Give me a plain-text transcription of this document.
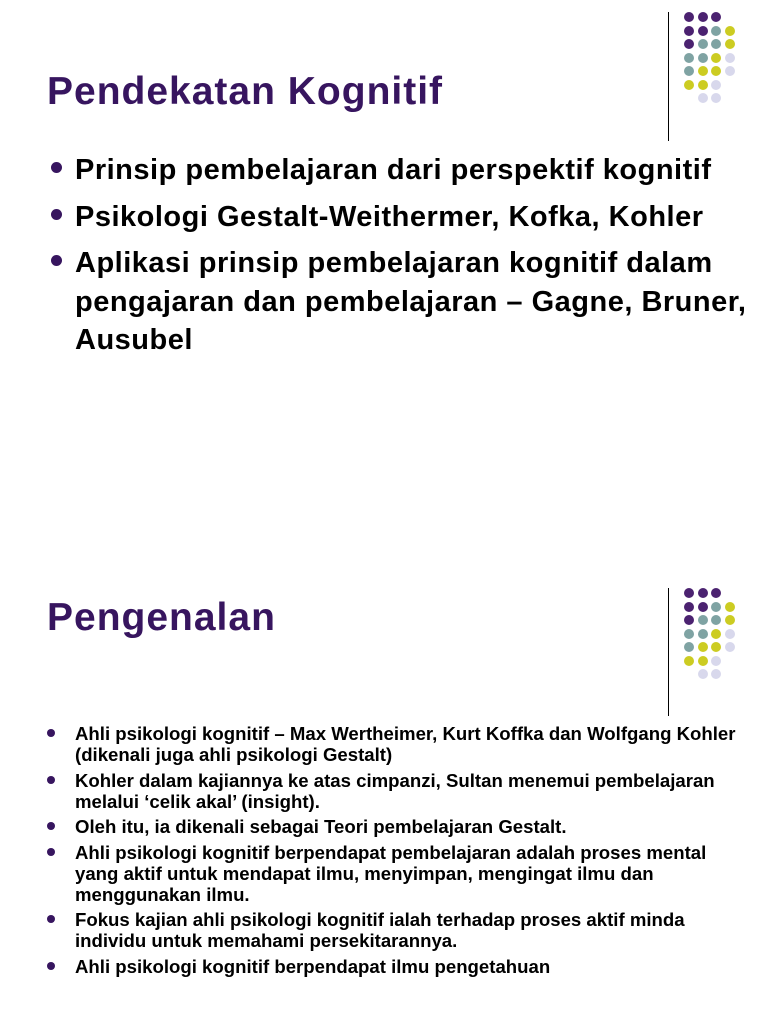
Pendekatan Kognitif
Prinsip pembelajaran dari perspektif kognitif
Psikologi Gestalt-Weithermer, Kofka, Kohler
Aplikasi prinsip pembelajaran kognitif dalam pengajaran dan pembelajaran – Gagne, Bruner, Ausubel
Pengenalan
Ahli psikologi kognitif – Max Wertheimer, Kurt Koffka dan Wolfgang Kohler (dikenali juga ahli psikologi Gestalt)
Kohler dalam kajiannya ke atas cimpanzi, Sultan menemui pembelajaran melalui ‘celik akal’ (insight).
Oleh itu, ia dikenali sebagai Teori pembelajaran Gestalt.
Ahli psikologi kognitif berpendapat pembelajaran adalah proses mental yang aktif untuk mendapat ilmu, menyimpan, mengingat ilmu dan menggunakan ilmu.
Fokus kajian ahli psikologi kognitif ialah terhadap proses aktif minda individu untuk memahami persekitarannya.
Ahli psikologi kognitif berpendapat ilmu pengetahuan
